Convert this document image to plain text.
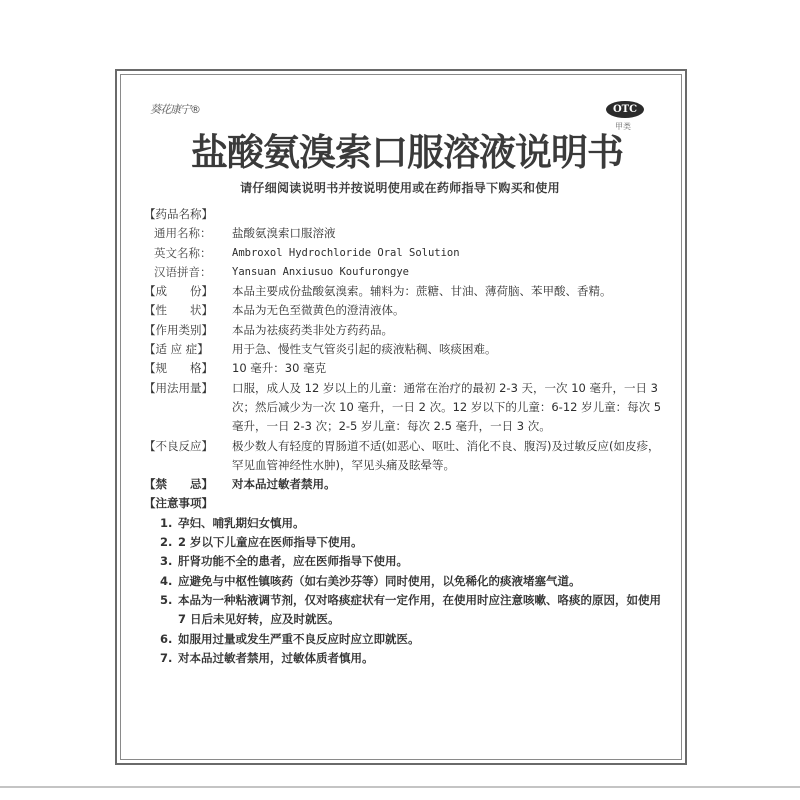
葵花康宁®	OTC
甲类
盐酸氨溴索口服溶液说明书
请仔细阅读说明书并按说明使用或在药师指导下购买和使用
【药品名称】
通用名称：	盐酸氨溴索口服溶液
英文名称：	Ambroxol Hydrochloride Oral Solution
汉语拼音：	Yansuan Anxiusuo Koufurongye
【成　　份】	本品主要成份盐酸氨溴索。辅料为：蔗糖、甘油、薄荷脑、苯甲酸、香精。
【性　　状】	本品为无色至微黄色的澄清液体。
【作用类别】	本品为祛痰药类非处方药药品。
【适 应 症】	用于急、慢性支气管炎引起的痰液粘稠、咳痰困难。
【规　　格】	10 毫升：30 毫克
【用法用量】	口服，成人及 12 岁以上的儿童：通常在治疗的最初 2-3 天，一次 10 毫升，一日 3 次；然后减少为一次 10 毫升，一日 2 次。12 岁以下的儿童：6-12 岁儿童：每次 5 毫升，一日 2-3 次；2-5 岁儿童：每次 2.5 毫升，一日 3 次。
【不良反应】	极少数人有轻度的胃肠道不适(如恶心、呕吐、消化不良、腹泻)及过敏反应(如皮疹，罕见血管神经性水肿)，罕见头痛及眩晕等。
【禁　　忌】	对本品过敏者禁用。
【注意事项】
1. 孕妇、哺乳期妇女慎用。
2. 2 岁以下儿童应在医师指导下使用。
3. 肝肾功能不全的患者，应在医师指导下使用。
4. 应避免与中枢性镇咳药（如右美沙芬等）同时使用，以免稀化的痰液堵塞气道。
5. 本品为一种粘液调节剂，仅对咯痰症状有一定作用，在使用时应注意咳嗽、咯痰的原因，如使用 7 日后未见好转，应及时就医。
6. 如服用过量或发生严重不良反应时应立即就医。
7. 对本品过敏者禁用，过敏体质者慎用。
